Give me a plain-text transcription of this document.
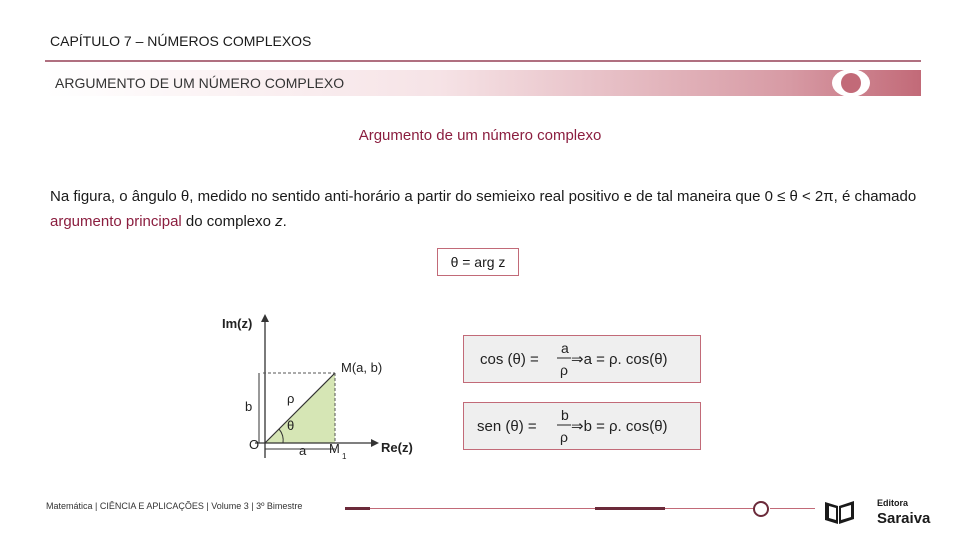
CAPÍTULO 7 – NÚMEROS COMPLEXOS
ARGUMENTO DE UM NÚMERO COMPLEXO
Argumento de um número complexo
Na figura, o ângulo θ, medido no sentido anti-horário a partir do semieixo real positivo e de tal maneira que 0 ≤ θ < 2π, é chamado argumento principal do complexo z.
θ = arg z
Im(z)
Re(z)
M(a, b)
M
1
ρ
θ
b
a
O
cos (θ) =
a
ρ
⇒a = ρ. cos(θ)
sen (θ) =
b
ρ
⇒b = ρ. cos(θ)
Matemática | CIÊNCIA E APLICAÇÕES | Volume 3 | 3º Bimestre	Editora
Saraiva
